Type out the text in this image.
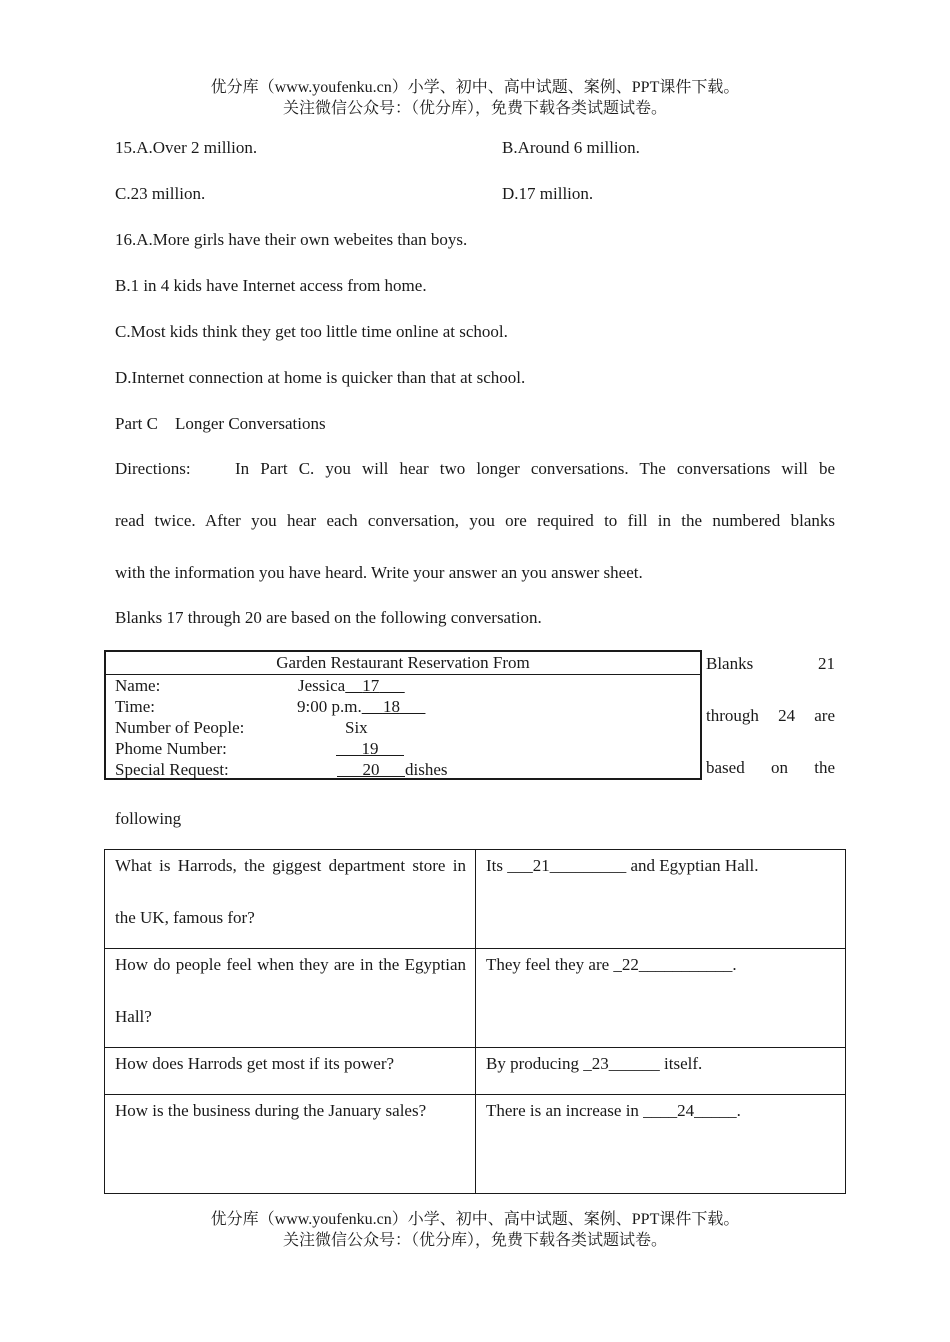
优分库（www.youfenku.cn）小学、初中、高中试题、案例、PPT课件下载。
关注微信公众号：（优分库），免费下载各类试题试卷。
15.A.Over 2 million.	B.Around 6 million.
C.23 million.	D.17 million.
16.A.More girls have their own webeites than boys.
B.1 in 4 kids have Internet access from home.
C.Most kids think they get too little time online at school.
D.Internet connection at home is quicker than that at school.
Part C    Longer Conversations
Directions:	In Part C. you will hear two longer conversations. The conversations will be
read twice. After you hear each conversation, you ore required to fill in the numbered blanks
with the information you have heard. Write your answer an you answer sheet.
Blanks 17 through 20 are based on the following conversation.
Garden Restaurant Reservation From
Name:	Jessica 17
Time:	9:00 p.m. 18
Number of People:	Six
Phome Number:	19
Special Request:	20 dishes
Blanks	21
through 24 are
based on the
following
What is Harrods, the giggest department store in the UK, famous for?	Its ___21_________ and Egyptian Hall.

How do people feel when they are in the Egyptian Hall?	They feel they are _22___________.

How does Harrods get most if its power?	By producing _23______ itself.

How is the business during the January sales?	There is an increase in ____24_____.
优分库（www.youfenku.cn）小学、初中、高中试题、案例、PPT课件下载。
关注微信公众号：（优分库），免费下载各类试题试卷。
